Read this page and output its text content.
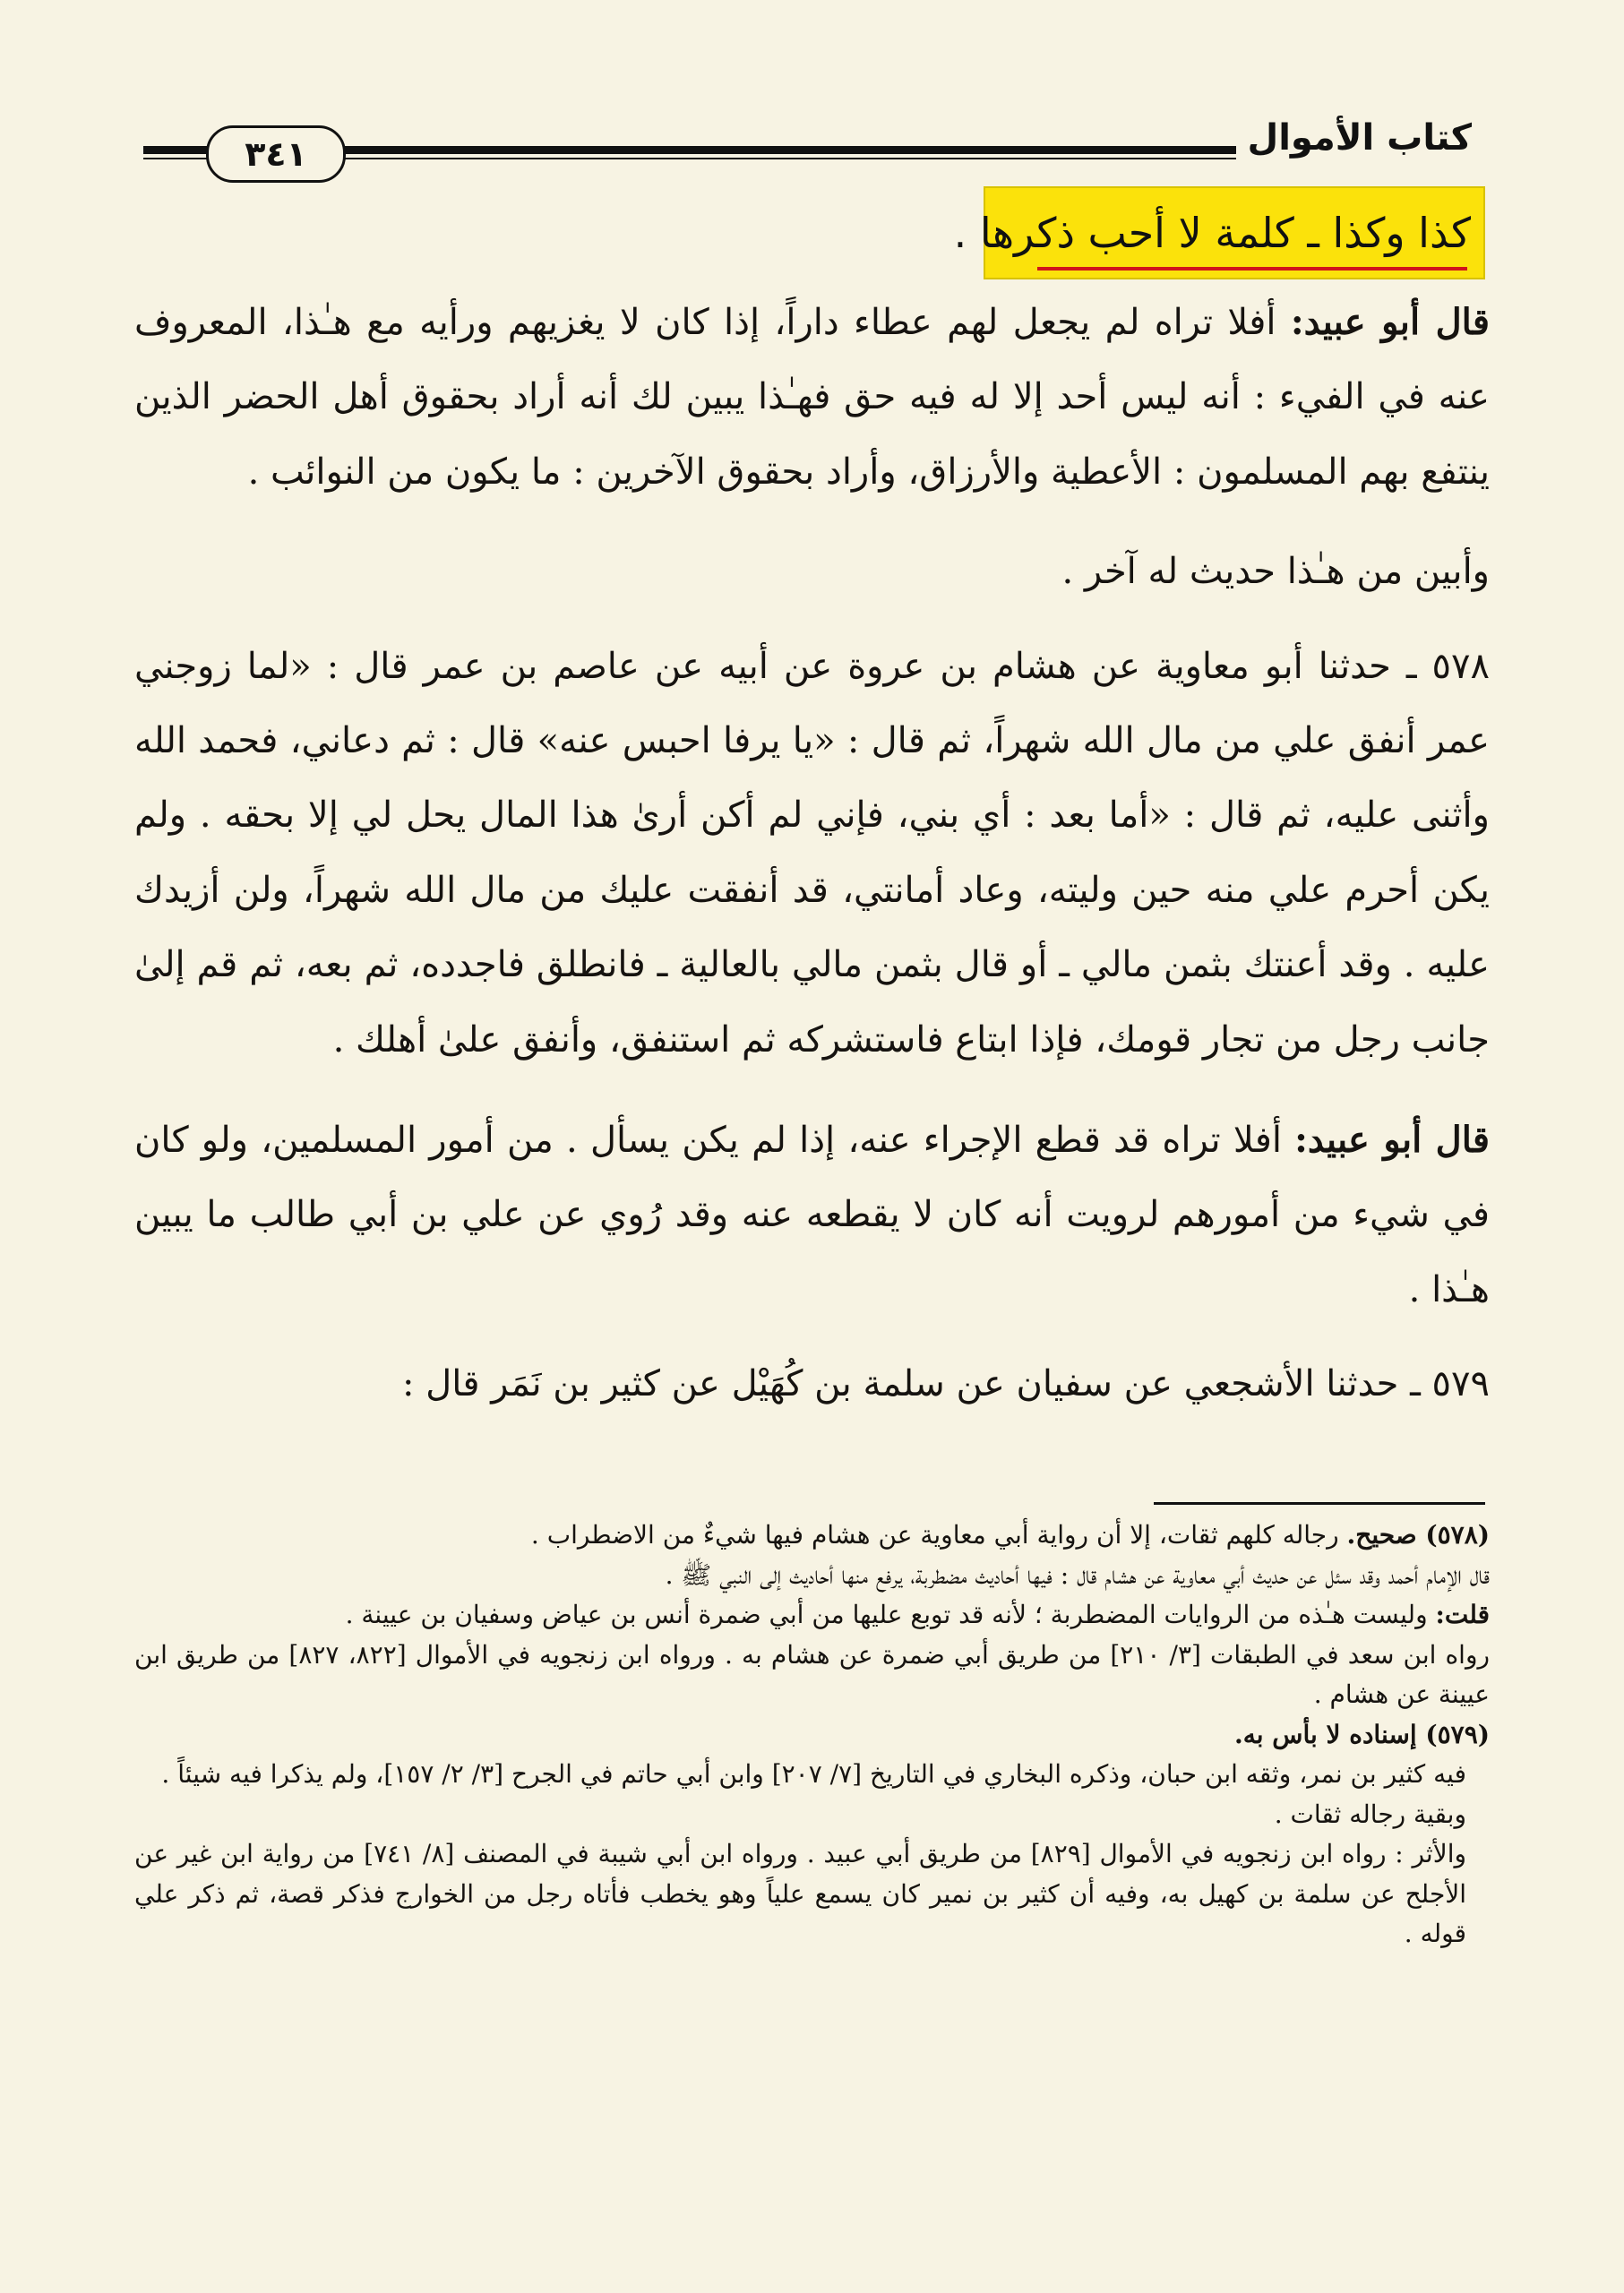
كتاب الأموال
٣٤١
كذا وكذا ـ كلمة لا أحب ذكرها .

قال أبو عبيد: أفلا تراه لم يجعل لهم عطاء داراً، إذا كان لا يغزيهم ورأيه مع هـٰذا، المعروف عنه في الفيء : أنه ليس أحد إلا له فيه حق فهـٰذا يبين لك أنه أراد بحقوق أهل الحضر الذين ينتفع بهم المسلمون : الأعطية والأرزاق، وأراد بحقوق الآخرين : ما يكون من النوائب .

وأبين من هـٰذا حديث له آخر .

٥٧٨ ـ حدثنا أبو معاوية عن هشام بن عروة عن أبيه عن عاصم بن عمر قال : «لما زوجني عمر أنفق علي من مال الله شهراً، ثم قال : «يا يرفا احبس عنه» قال : ثم دعاني، فحمد الله وأثنى عليه، ثم قال : «أما بعد : أي بني، فإني لم أكن أرىٰ هذا المال يحل لي إلا بحقه . ولم يكن أحرم علي منه حين وليته، وعاد أمانتي، قد أنفقت عليك من مال الله شهراً، ولن أزيدك عليه . وقد أعنتك بثمن مالي ـ أو قال بثمن مالي بالعالية ـ فانطلق فاجدده، ثم بعه، ثم قم إلىٰ جانب رجل من تجار قومك، فإذا ابتاع فاستشركه ثم استنفق، وأنفق علىٰ أهلك .

قال أبو عبيد: أفلا تراه قد قطع الإجراء عنه، إذا لم يكن يسأل . من أمور المسلمين، ولو كان في شيء من أمورهم لرويت أنه كان لا يقطعه عنه وقد رُوي عن علي بن أبي طالب ما يبين هـٰذا .

٥٧٩ ـ حدثنا الأشجعي عن سفيان عن سلمة بن كُهَيْل عن كثير بن نَمَر قال :

(٥٧٨) صحيح. رجاله كلهم ثقات، إلا أن رواية أبي معاوية عن هشام فيها شيءٌ من الاضطراب .

قال الإمام أحمد وقد سئل عن حديث أبي معاوية عن هشام قال : فيها أحاديث مضطربة، يرفع منها أحاديث إلى النبي ﷺ .

قلت: وليست هـٰذه من الروايات المضطربة ؛ لأنه قد توبع عليها من أبي ضمرة أنس بن عياض وسفيان بن عيينة .

رواه ابن سعد في الطبقات [٣/ ٢١٠] من طريق أبي ضمرة عن هشام به . ورواه ابن زنجويه في الأموال [٨٢٢، ٨٢٧] من طريق ابن عيينة عن هشام .

(٥٧٩) إسناده لا بأس به.

فيه كثير بن نمر، وثقه ابن حبان، وذكره البخاري في التاريخ [٧/ ٢٠٧] وابن أبي حاتم في الجرح [٣/ ٢/ ١٥٧]، ولم يذكرا فيه شيئاً .

وبقية رجاله ثقات .

والأثر : رواه ابن زنجويه في الأموال [٨٢٩] من طريق أبي عبيد . ورواه ابن أبي شيبة في المصنف [٨/ ٧٤١] من رواية ابن غير عن الأجلح عن سلمة بن كهيل به، وفيه أن كثير بن نمير كان يسمع علياً وهو يخطب فأتاه رجل من الخوارج فذكر قصة، ثم ذكر علي قوله .
